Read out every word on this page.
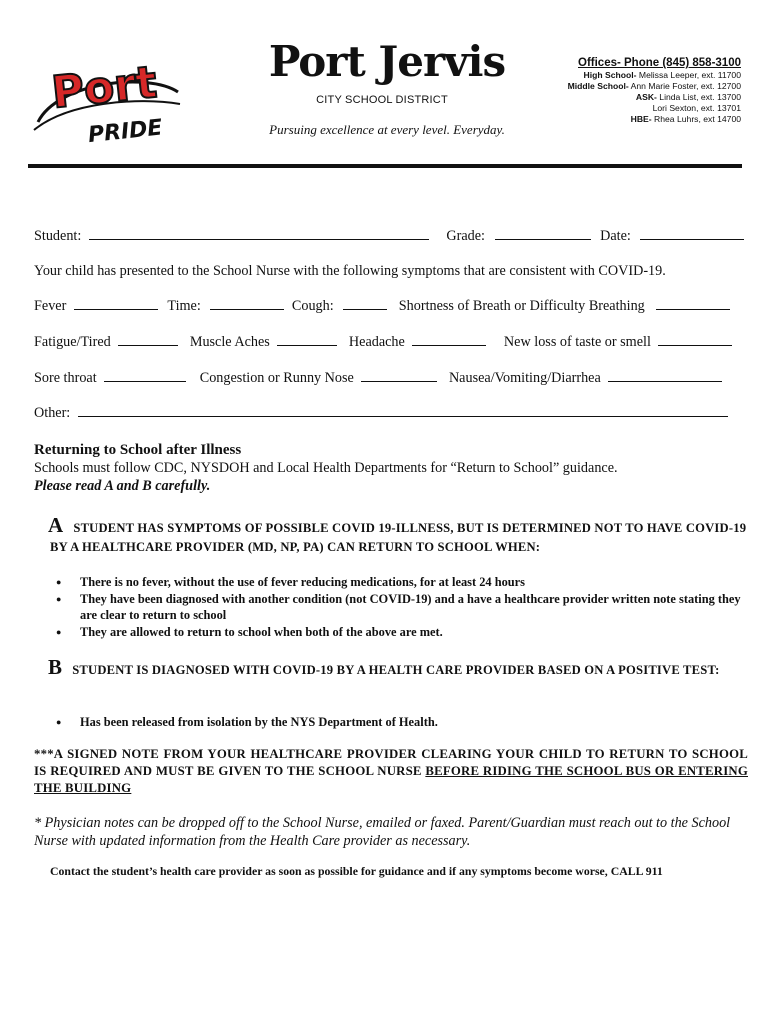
Port
PRIDE
Port Jervis
CITY SCHOOL DISTRICT
Pursuing excellence at every level. Everyday.
Offices- Phone (845) 858-3100
High School- Melissa Leeper, ext. 11700
Middle School- Ann Marie Foster, ext. 12700
ASK- Linda List, ext. 13700
Lori Sexton, ext. 13701
HBE- Rhea Luhrs, ext 14700
Student:	Grade:	Date:
Your child has presented to the School Nurse with the following symptoms that are consistent with COVID-19.
Fever	Time:	Cough:	Shortness of Breath or Difficulty Breathing
Fatigue/Tired	Muscle Aches	Headache	New loss of taste or smell
Sore throat	Congestion or Runny Nose	Nausea/Vomiting/Diarrhea
Other:
Returning to School after Illness
Schools must follow CDC, NYSDOH and Local Health Departments for “Return to School” guidance.
Please read A and B carefully.
ASTUDENT HAS SYMPTOMS OF POSSIBLE COVID 19-ILLNESS, BUT IS DETERMINED NOT TO HAVE COVID-19 BY A HEALTHCARE PROVIDER (MD, NP, PA) CAN RETURN TO SCHOOL WHEN:
● There is no fever, without the use of fever reducing medications, for at least 24 hours
● They have been diagnosed with another condition (not COVID-19) and a have a healthcare provider written note stating they are clear to return to school
● They are allowed to return to school when both of the above are met.
BSTUDENT IS DIAGNOSED WITH COVID-19 BY A HEALTH CARE PROVIDER BASED ON A POSITIVE TEST:
● Has been released from isolation by the NYS Department of Health.
***A SIGNED NOTE FROM YOUR HEALTHCARE PROVIDER CLEARING YOUR CHILD TO RETURN TO SCHOOL IS REQUIRED AND MUST BE GIVEN TO THE SCHOOL NURSE BEFORE RIDING THE SCHOOL BUS OR ENTERING THE BUILDING
* Physician notes can be dropped off to the School Nurse, emailed or faxed. Parent/Guardian must reach out to the School Nurse with updated information from the Health Care provider as necessary.
Contact the student’s health care provider as soon as possible for guidance and if any symptoms become worse, CALL 911
